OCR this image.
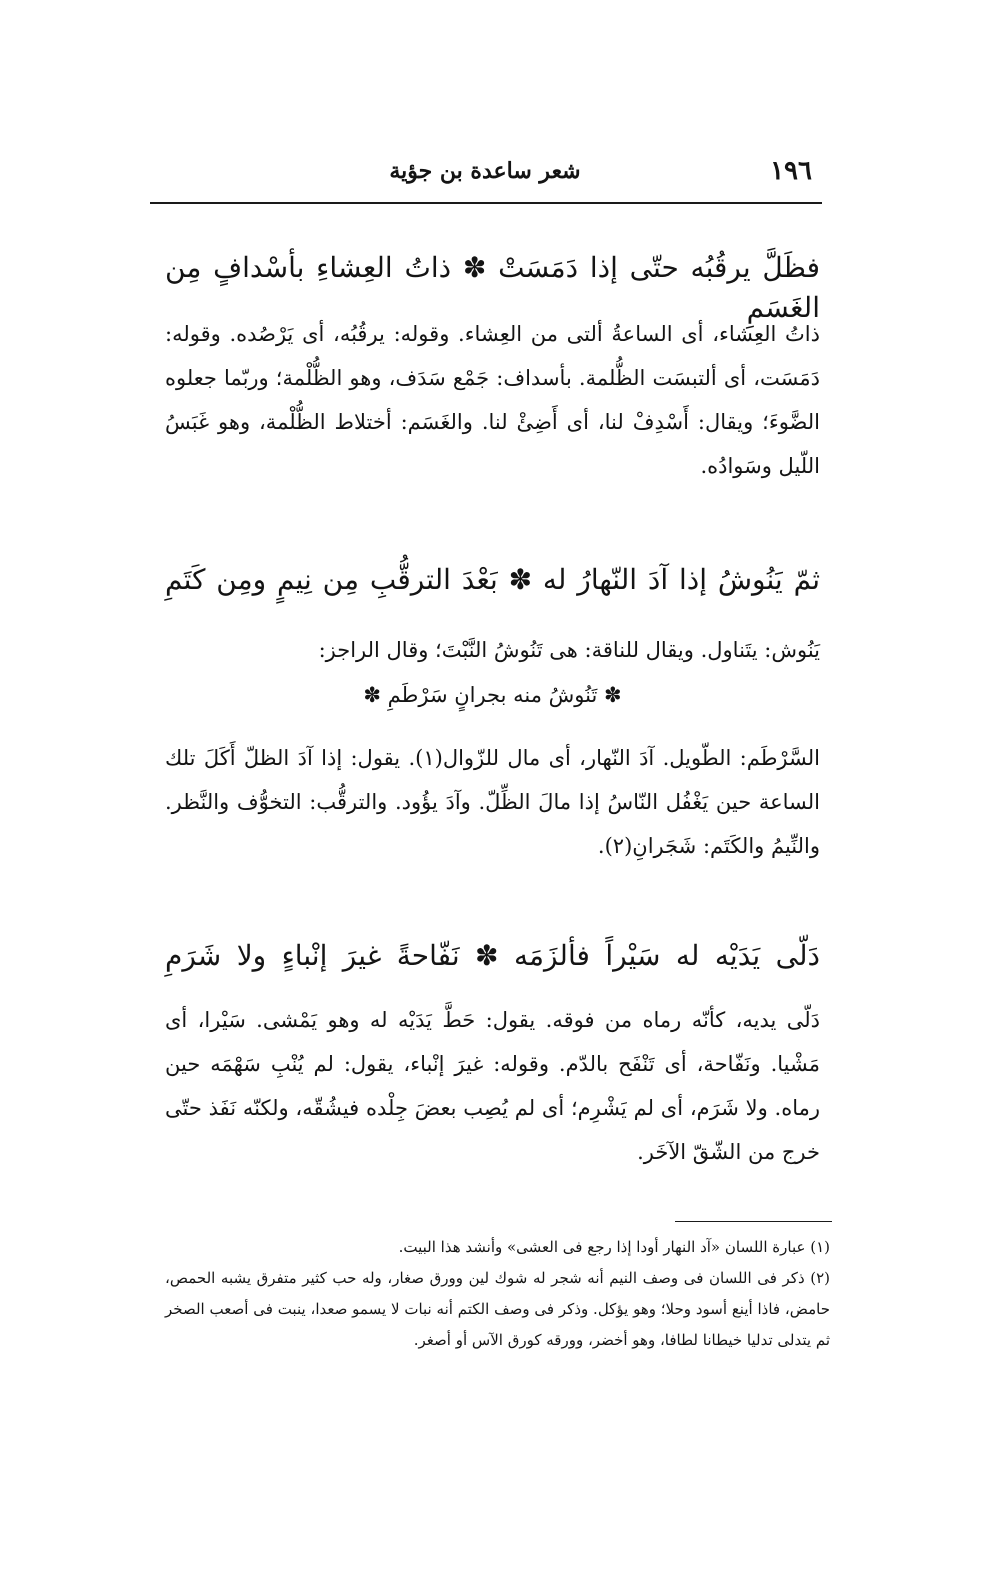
١٩٦
شعر ساعدة بن جؤية
فظَلَّ يرقُبُه حتّى إذا دَمَسَتْ ✽ ذاتُ العِشاءِ بأسْدافٍ مِن الغَسَمِ
ذاتُ العِشاء، أى الساعةُ ألتى من العِشاء. وقوله: يرقُبُه، أى يَرْصُده. وقوله: دَمَسَت، أى ألتبسَت الظُّلمة. بأسداف: جَمْع سَدَف، وهو الظُّلْمة؛ وربّما جعلوه الضَّوءَ؛ ويقال: أَسْدِفْ لنا، أى أَضِئْ لنا. والغَسَم: أختلاط الظُّلْمة، وهو غَبَسُ اللّيل وسَوادُه.
ثمّ يَنُوشُ إذا آدَ النّهارُ له ✽ بَعْدَ الترقُّبِ مِن نِيمٍ ومِن كَتَمِ
يَنُوش: يتَناول. ويقال للناقة: هى تَنُوشُ النَّبْتَ؛ وقال الراجز:
✽ تَنُوشُ منه بجرانٍ سَرْطَمِ ✽
السَّرْطَم: الطّويل. آدَ النّهار، أى مال للزّوال(١). يقول: إذا آدَ الظلّ أَكَلَ تلك الساعة حين يَغْفُل النّاسُ إذا مالَ الظِّلّ. وآدَ يؤُود. والترقُّب: التخوُّف والنَّظر. والنِّيمُ والكَتَم: شَجَرانِ(٢).
دَلّى يَدَيْه له سَيْراً فألزَمَه ✽ نَفّاحةً غيرَ إنْباءٍ ولا شَرَمِ
دَلّى يديه، كأنّه رماه من فوقه. يقول: حَطَّ يَدَيْه له وهو يَمْشى. سَيْرا، أى مَشْيا. ونَفّاحة، أى تَنْفَح بالدّم. وقوله: غيرَ إنْباء، يقول: لم يُنْبِ سَهْمَه حين رماه. ولا شَرَم، أى لم يَشْرِم؛ أى لم يُصِب بعضَ جِلْده فيشُقّه، ولكنّه نَفَذ حتّى خرج من الشّقّ الآخَر.

(١) عبارة اللسان «آد النهار أودا إذا رجع فى العشى» وأنشد هذا البيت.

(٢) ذكر فى اللسان فى وصف النيم أنه شجر له شوك لين وورق صغار، وله حب كثير متفرق يشبه الحمص، حامض، فاذا أينع أسود وحلا؛ وهو يؤكل. وذكر فى وصف الكتم أنه نبات لا يسمو صعدا، ينبت فى أصعب الصخر ثم يتدلى تدليا خيطانا لطافا، وهو أخضر، وورقه كورق الآس أو أصغر.
